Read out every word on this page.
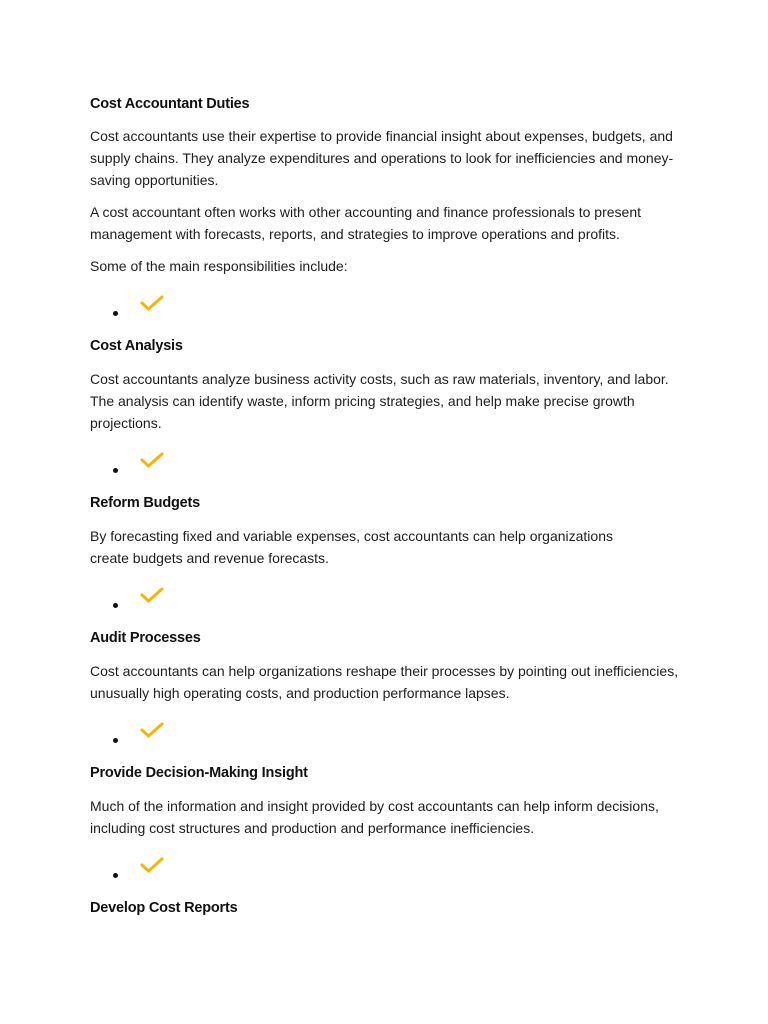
Cost Accountant Duties

Cost accountants use their expertise to provide financial insight about expenses, budgets, and supply chains. They analyze expenditures and operations to look for inefficiencies and money-saving opportunities.

A cost accountant often works with other accounting and finance professionals to present management with forecasts, reports, and strategies to improve operations and profits.

Some of the main responsibilities include:

Cost Analysis

Cost accountants analyze business activity costs, such as raw materials, inventory, and labor. The analysis can identify waste, inform pricing strategies, and help make precise growth projections.

Reform Budgets

By forecasting fixed and variable expenses, cost accountants can help organizations create budgets and revenue forecasts.

Audit Processes

Cost accountants can help organizations reshape their processes by pointing out inefficiencies, unusually high operating costs, and production performance lapses.

Provide Decision-Making Insight

Much of the information and insight provided by cost accountants can help inform decisions, including cost structures and production and performance inefficiencies.

Develop Cost Reports
